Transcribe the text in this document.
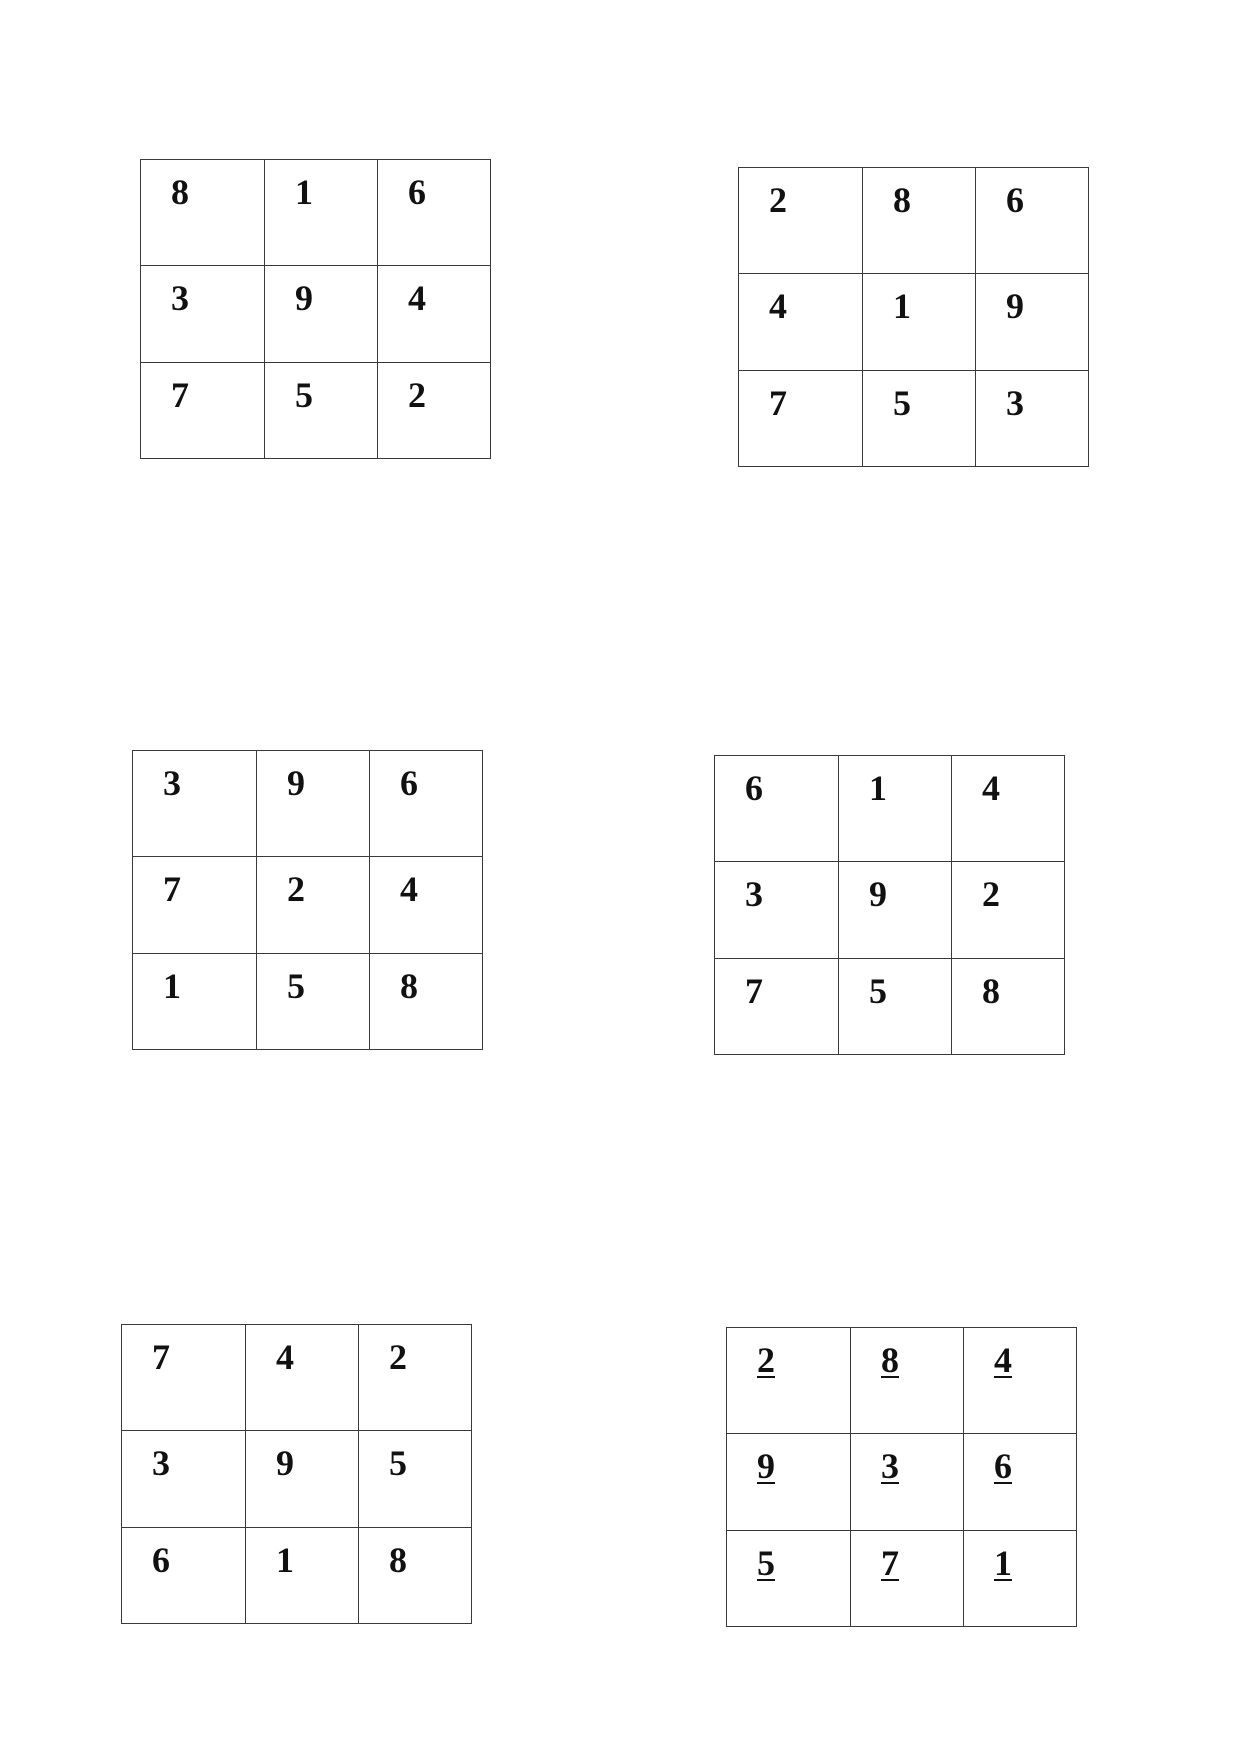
8	1	6

3	9	4

7	5	2
2	8	6

4	1	9

7	5	3
3	9	6

7	2	4

1	5	8
6	1	4

3	9	2

7	5	8
7	4	2

3	9	5

6	1	8
2	8	4

9	3	6

5	7	1
